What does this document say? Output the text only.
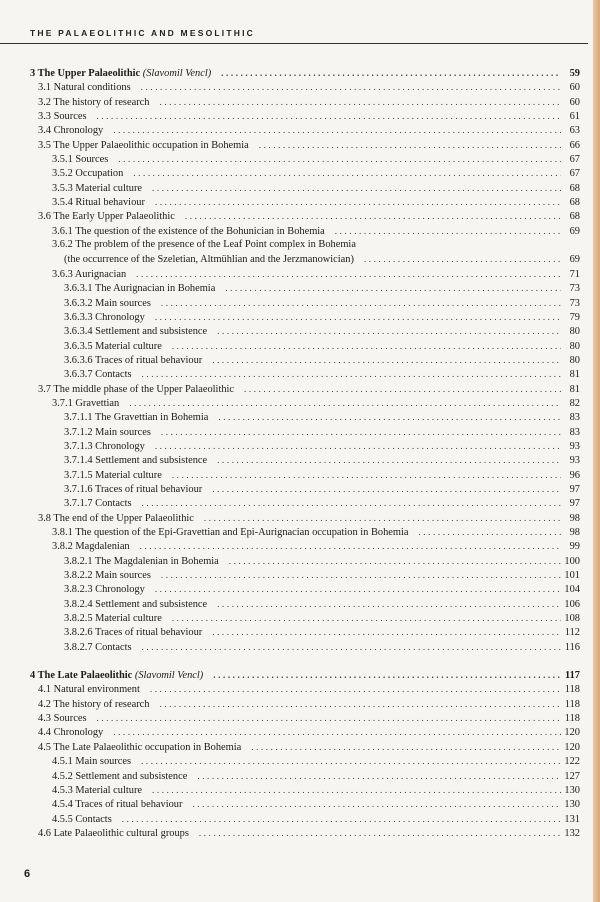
THE PALAEOLITHIC AND MESOLITHIC
3 The Upper Palaeolithic (Slavomil Vencl) .....	59
3.1 Natural conditions .....	60
3.2 The history of research .....	60
3.3 Sources .....	61
3.4 Chronology .....	63
3.5 The Upper Palaeolithic occupation in Bohemia .....	66
3.5.1 Sources .....	67
3.5.2 Occupation .....	67
3.5.3 Material culture .....	68
3.5.4 Ritual behaviour .....	68
3.6 The Early Upper Palaeolithic .....	68
3.6.1 The question of the existence of the Bohunician in Bohemia .....	69
3.6.2 The problem of the presence of the Leaf Point complex in Bohemia
(the occurrence of the Szeletian, Altmühlian and the Jerzmanowician) .....	69
3.6.3 Aurignacian .....	71
3.6.3.1 The Aurignacian in Bohemia .....	73
3.6.3.2 Main sources .....	73
3.6.3.3 Chronology .....	79
3.6.3.4 Settlement and subsistence .....	80
3.6.3.5 Material culture .....	80
3.6.3.6 Traces of ritual behaviour .....	80
3.6.3.7 Contacts .....	81
3.7 The middle phase of the Upper Palaeolithic .....	81
3.7.1 Gravettian .....	82
3.7.1.1 The Gravettian in Bohemia .....	83
3.7.1.2 Main sources .....	83
3.7.1.3 Chronology .....	93
3.7.1.4 Settlement and subsistence .....	93
3.7.1.5 Material culture .....	96
3.7.1.6 Traces of ritual behaviour .....	97
3.7.1.7 Contacts .....	97
3.8 The end of the Upper Palaeolithic .....	98
3.8.1 The question of the Epi-Gravettian and Epi-Aurignacian occupation in Bohemia .....	98
3.8.2 Magdalenian .....	99
3.8.2.1 The Magdalenian in Bohemia .....	100
3.8.2.2 Main sources .....	101
3.8.2.3 Chronology .....	104
3.8.2.4 Settlement and subsistence .....	106
3.8.2.5 Material culture .....	108
3.8.2.6 Traces of ritual behaviour .....	112
3.8.2.7 Contacts .....	116
4 The Late Palaeolithic (Slavomil Vencl) .....	117
4.1 Natural environment .....	118
4.2 The history of research .....	118
4.3 Sources .....	118
4.4 Chronology .....	120
4.5 The Late Palaeolithic occupation in Bohemia .....	120
4.5.1 Main sources .....	122
4.5.2 Settlement and subsistence .....	127
4.5.3 Material culture .....	130
4.5.4 Traces of ritual behaviour .....	130
4.5.5 Contacts .....	131
4.6 Late Palaeolithic cultural groups .....	132
6
